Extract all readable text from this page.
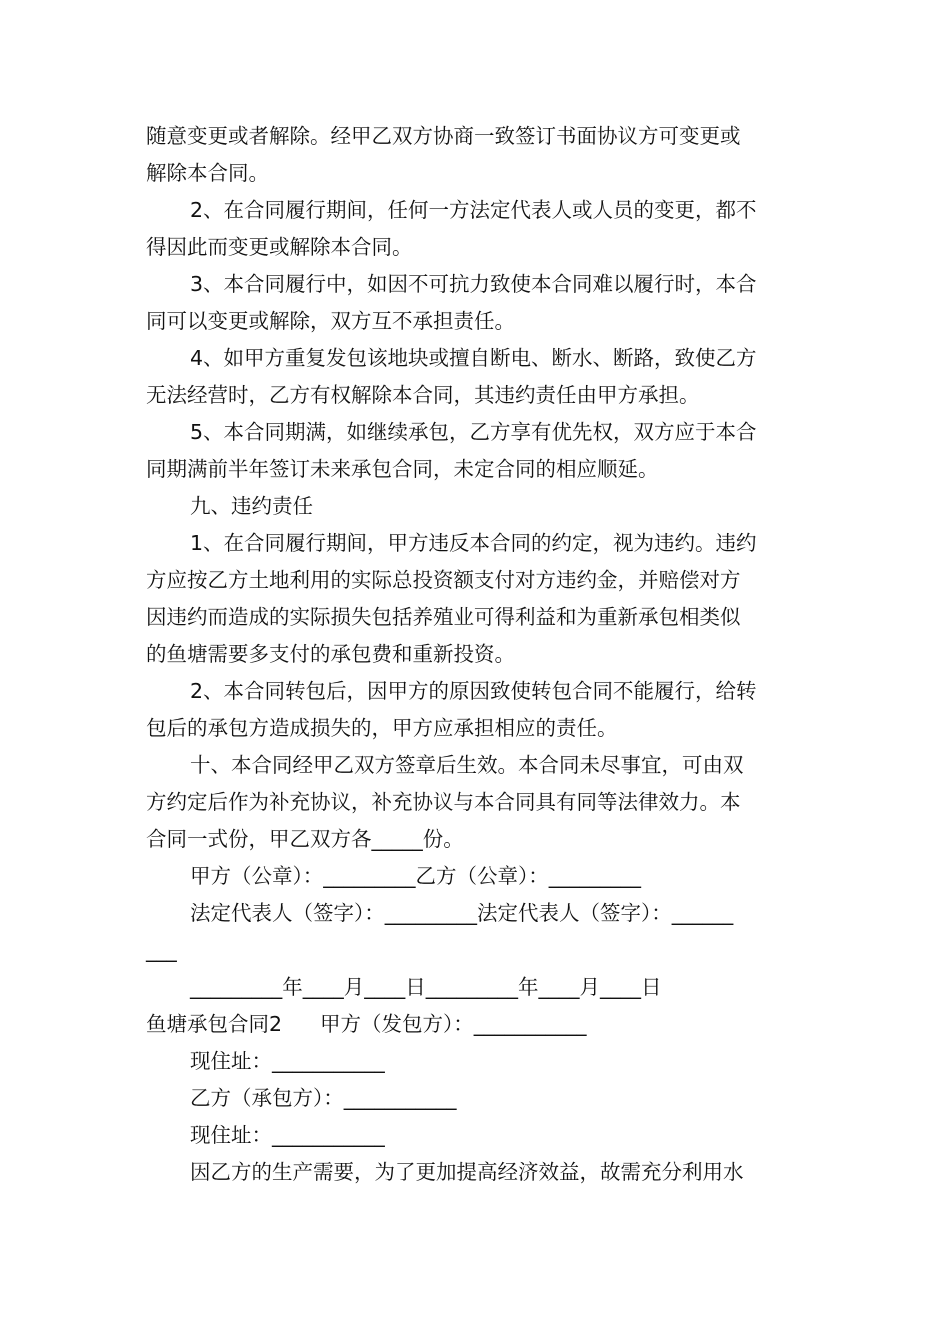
随意变更或者解除。经甲乙双方协商一致签订书面协议方可变更或
解除本合同。
2、在合同履行期间，任何一方法定代表人或人员的变更，都不
得因此而变更或解除本合同。
3、本合同履行中，如因不可抗力致使本合同难以履行时，本合
同可以变更或解除，双方互不承担责任。
4、如甲方重复发包该地块或擅自断电、断水、断路，致使乙方
无法经营时，乙方有权解除本合同，其违约责任由甲方承担。
5、本合同期满，如继续承包，乙方享有优先权，双方应于本合
同期满前半年签订未来承包合同，未定合同的相应顺延。
九、违约责任
1、在合同履行期间，甲方违反本合同的约定，视为违约。违约
方应按乙方土地利用的实际总投资额支付对方违约金，并赔偿对方
因违约而造成的实际损失包括养殖业可得利益和为重新承包相类似
的鱼塘需要多支付的承包费和重新投资。
2、本合同转包后，因甲方的原因致使转包合同不能履行，给转
包后的承包方造成损失的，甲方应承担相应的责任。
十、本合同经甲乙双方签章后生效。本合同未尽事宜，可由双
方约定后作为补充协议，补充协议与本合同具有同等法律效力。本
合同一式份，甲乙双方各_____份。
甲方（公章）：_________乙方（公章）：_________
法定代表人（签字）：_________法定代表人（签字）：______
___
_________年____月____日_________年____月____日
鱼塘承包合同2 甲方（发包方）：___________
现住址：___________
乙方（承包方）：___________
现住址：___________
因乙方的生产需要，为了更加提高经济效益，故需充分利用水
